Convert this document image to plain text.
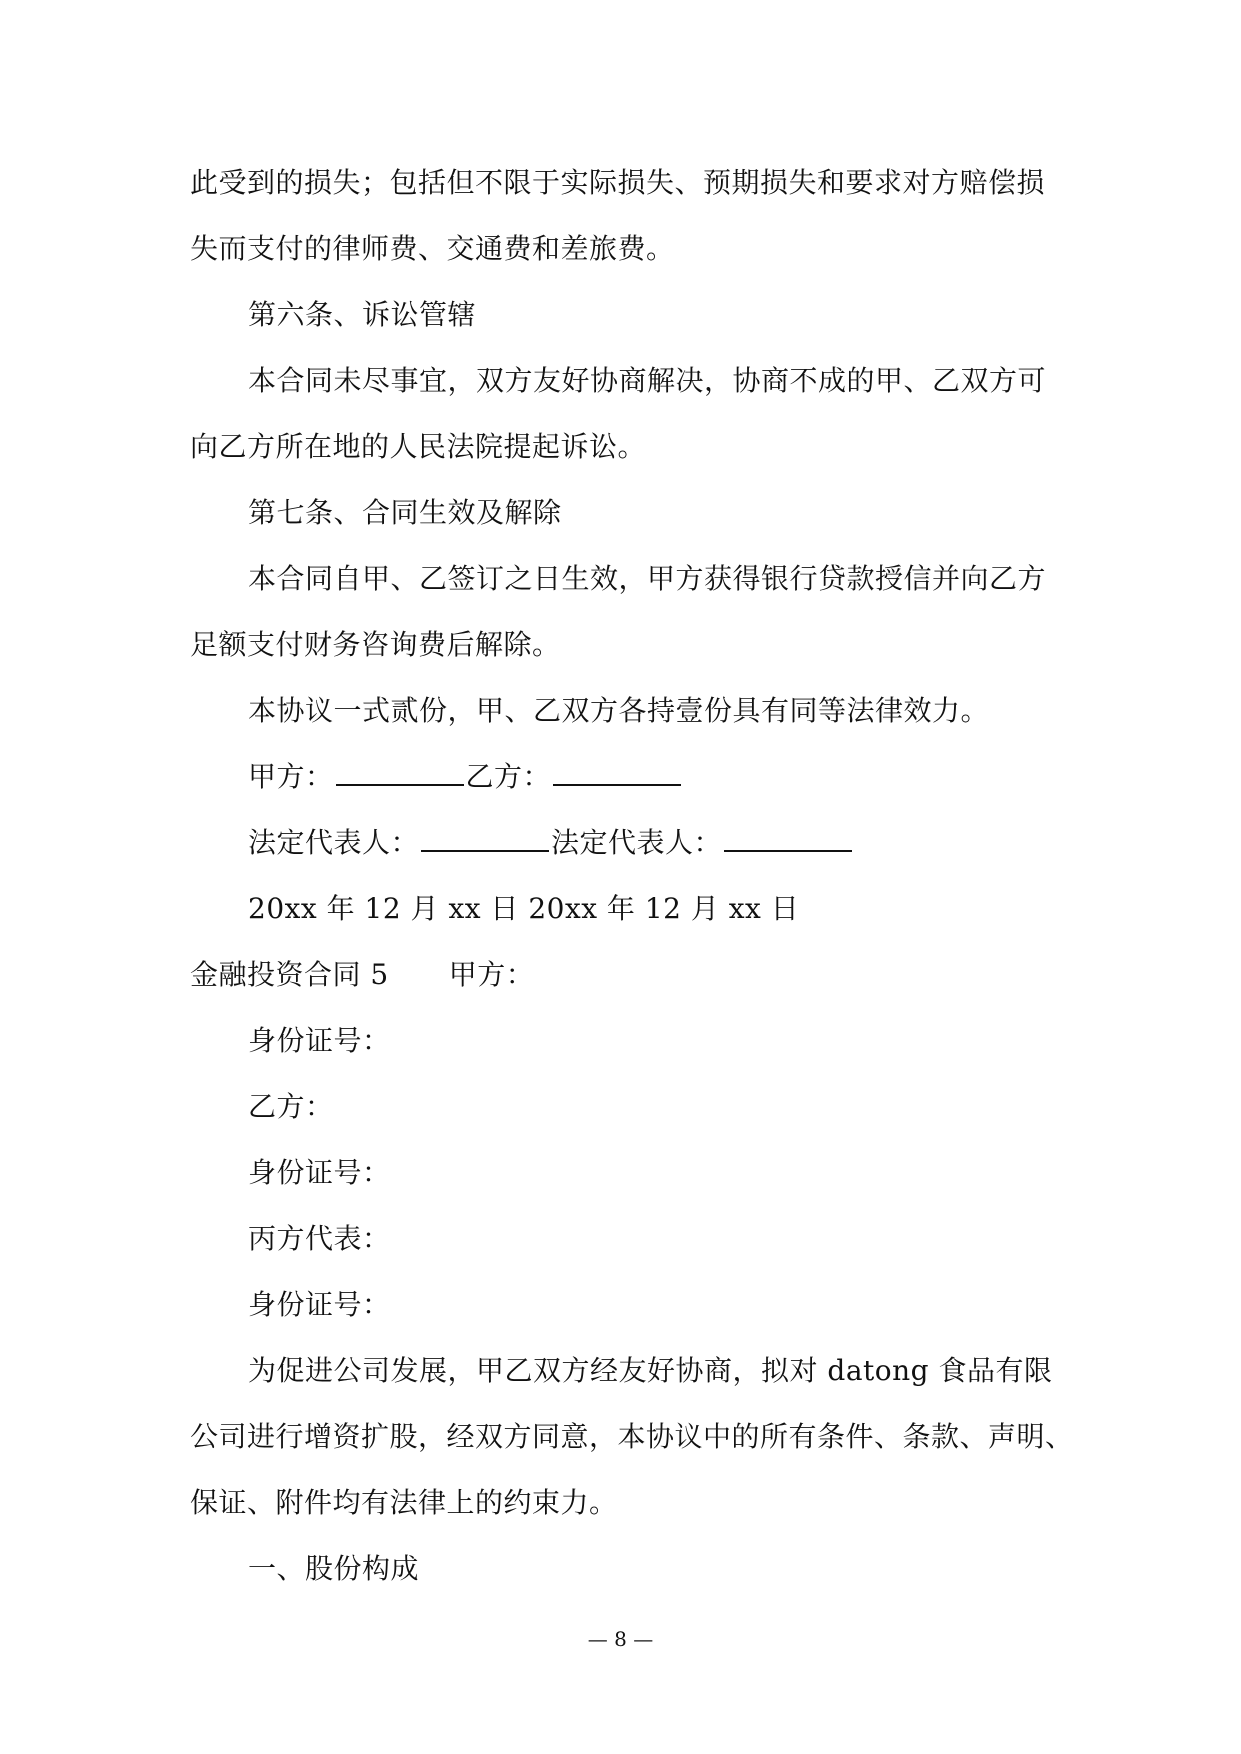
此受到的损失；包括但不限于实际损失、预期损失和要求对方赔偿损
失而支付的律师费、交通费和差旅费。
第六条、诉讼管辖
本合同未尽事宜，双方友好协商解决，协商不成的甲、乙双方可
向乙方所在地的人民法院提起诉讼。
第七条、合同生效及解除
本合同自甲、乙签订之日生效，甲方获得银行贷款授信并向乙方
足额支付财务咨询费后解除。
本协议一式贰份，甲、乙双方各持壹份具有同等法律效力。
甲方：	乙方：
法定代表人：	法定代表人：
20xx 年 12 月 xx 日 20xx 年 12 月 xx 日
金融投资合同 5 甲方：
身份证号：
乙方：
身份证号：
丙方代表：
身份证号：
为促进公司发展，甲乙双方经友好协商，拟对 datong 食品有限
公司进行增资扩股，经双方同意，本协议中的所有条件、条款、声明、
保证、附件均有法律上的约束力。
一、股份构成
— 8 —
